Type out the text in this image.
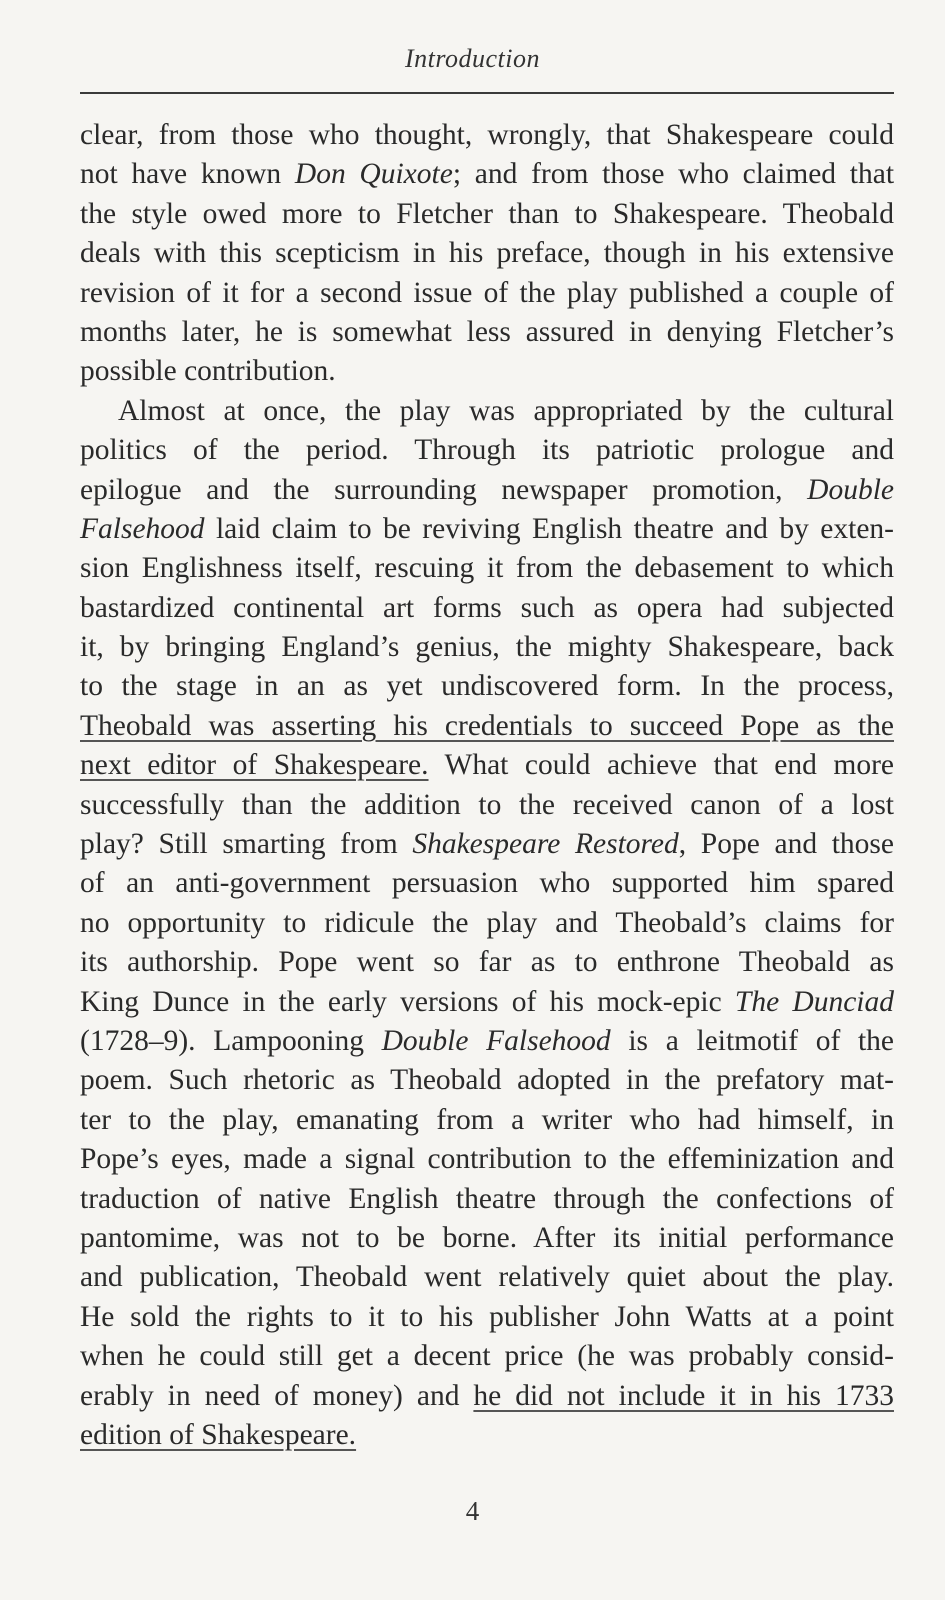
Introduction
clear, from those who thought, wrongly, that Shakespeare could
not have known Don Quixote; and from those who claimed that
the style owed more to Fletcher than to Shakespeare. Theobald
deals with this scepticism in his preface, though in his extensive
revision of it for a second issue of the play published a couple of
months later, he is somewhat less assured in denying Fletcher’s
possible contribution.
Almost at once, the play was appropriated by the cultural
politics of the period. Through its patriotic prologue and
epilogue and the surrounding newspaper promotion, Double
Falsehood laid claim to be reviving English theatre and by exten-
sion Englishness itself, rescuing it from the debasement to which
bastardized continental art forms such as opera had subjected
it, by bringing England’s genius, the mighty Shakespeare, back
to the stage in an as yet undiscovered form. In the process,
Theobald was asserting his credentials to succeed Pope as the
next editor of Shakespeare. What could achieve that end more
successfully than the addition to the received canon of a lost
play? Still smarting from Shakespeare Restored, Pope and those
of an anti-government persuasion who supported him spared
no opportunity to ridicule the play and Theobald’s claims for
its authorship. Pope went so far as to enthrone Theobald as
King Dunce in the early versions of his mock-epic The Dunciad
(1728–9). Lampooning Double Falsehood is a leitmotif of the
poem. Such rhetoric as Theobald adopted in the prefatory mat-
ter to the play, emanating from a writer who had himself, in
Pope’s eyes, made a signal contribution to the effeminization and
traduction of native English theatre through the confections of
pantomime, was not to be borne. After its initial performance
and publication, Theobald went relatively quiet about the play.
He sold the rights to it to his publisher John Watts at a point
when he could still get a decent price (he was probably consid-
erably in need of money) and he did not include it in his 1733
edition of Shakespeare.
4
